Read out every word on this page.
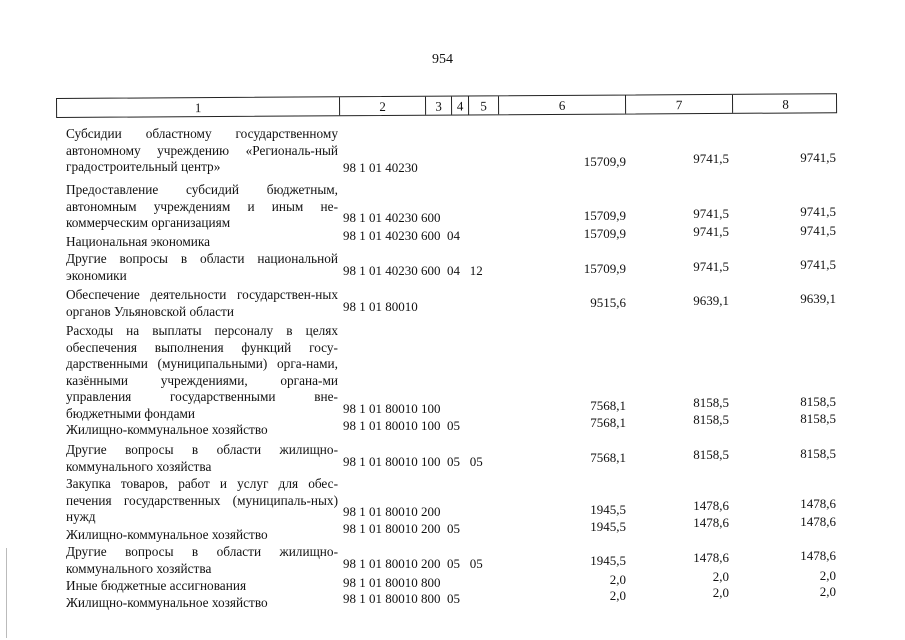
954
1	2	3	4	5	6	7	8
Субсидии областному государственному автономному учреждению «Региональ-ный градостроительный центр»	98 1 01 40230	15709,9	9741,5	9741,5
Предоставление субсидий бюджетным, автономным учреждениям и иным не-коммерческим организациям	98 1 01 40230 600	15709,9	9741,5	9741,5
Национальная экономика	98 1 01 40230 600  04	15709,9	9741,5	9741,5
Другие вопросы в области национальной экономики	98 1 01 40230 600  04   12	15709,9	9741,5	9741,5
Обеспечение деятельности государствен-ных органов Ульяновской области	98 1 01 80010	9515,6	9639,1	9639,1
Расходы на выплаты персоналу в целях обеспечения выполнения функций госу-дарственными (муниципальными) орга-нами, казёнными учреждениями, органа-ми управления государственными вне-бюджетными фондами	98 1 01 80010 100	7568,1	8158,5	8158,5
Жилищно-коммунальное хозяйство	98 1 01 80010 100  05	7568,1	8158,5	8158,5
Другие вопросы в области жилищно-коммунального хозяйства	98 1 01 80010 100  05   05	7568,1	8158,5	8158,5
Закупка товаров, работ и услуг для обес-печения государственных (муниципаль-ных) нужд	98 1 01 80010 200	1945,5	1478,6	1478,6
Жилищно-коммунальное хозяйство	98 1 01 80010 200  05	1945,5	1478,6	1478,6
Другие вопросы в области жилищно-коммунального хозяйства	98 1 01 80010 200  05   05	1945,5	1478,6	1478,6
Иные бюджетные ассигнования	98 1 01 80010 800	2,0	2,0	2,0
Жилищно-коммунальное хозяйство	98 1 01 80010 800  05	2,0	2,0	2,0
